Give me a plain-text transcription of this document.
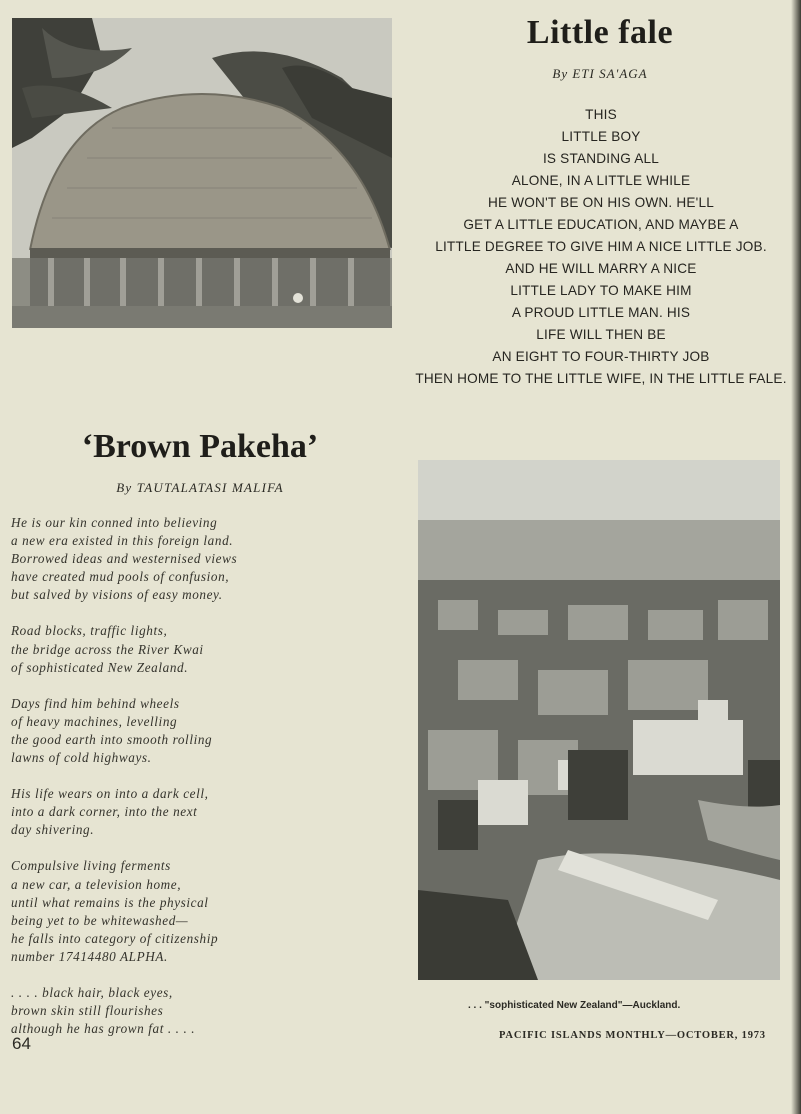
Little fale
By ETI SA'AGA
THIS
LITTLE BOY
IS STANDING ALL
ALONE, IN A LITTLE WHILE
HE WON'T BE ON HIS OWN. HE'LL
GET A LITTLE EDUCATION, AND MAYBE A
LITTLE DEGREE TO GIVE HIM A NICE LITTLE JOB.
AND HE WILL MARRY A NICE
LITTLE LADY TO MAKE HIM
A PROUD LITTLE MAN. HIS
LIFE WILL THEN BE
AN EIGHT TO FOUR-THIRTY JOB
THEN HOME TO THE LITTLE WIFE, IN THE LITTLE FALE.
‘Brown Pakeha’
By TAUTALATASI MALIFA
He is our kin conned into believing
a new era existed in this foreign land.
Borrowed ideas and westernised views
have created mud pools of confusion,
but salved by visions of easy money.
Road blocks, traffic lights,
the bridge across the River Kwai
of sophisticated New Zealand.
Days find him behind wheels
of heavy machines, levelling
the good earth into smooth rolling
lawns of cold highways.
His life wears on into a dark cell,
into a dark corner, into the next
day shivering.
Compulsive living ferments
a new car, a television home,
until what remains is the physical
being yet to be whitewashed—
he falls into category of citizenship
number 17414480 ALPHA.
. . . . black hair, black eyes,
brown skin still flourishes
although he has grown fat . . . .
. . . "sophisticated New Zealand"—Auckland.
64	PACIFIC ISLANDS MONTHLY—OCTOBER, 1973
